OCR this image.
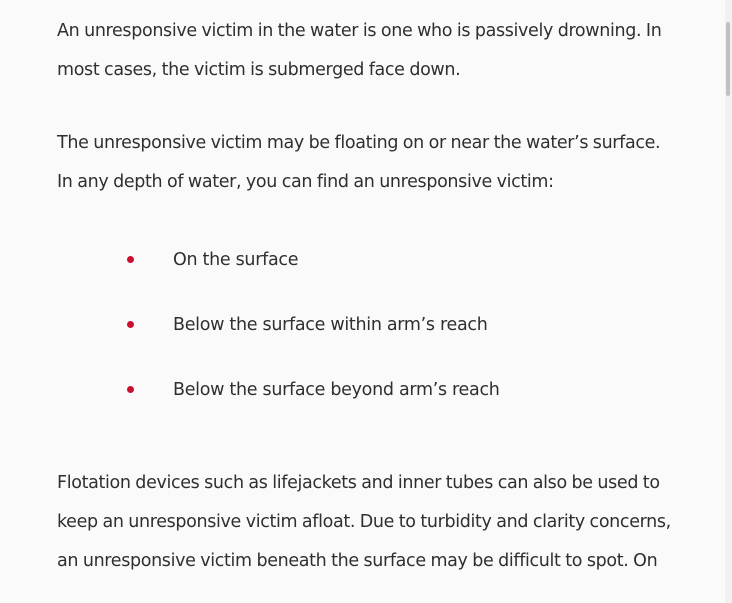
An unresponsive victim in the water is one who is passively drowning. In most cases, the victim is submerged face down.

The unresponsive victim may be floating on or near the water’s surface. In any depth of water, you can find an unresponsive victim:

On the surface
Below the surface within arm’s reach
Below the surface beyond arm’s reach

Flotation devices such as lifejackets and inner tubes can also be used to keep an unresponsive victim afloat. Due to turbidity and clarity concerns, an unresponsive victim beneath the surface may be difficult to spot. On
